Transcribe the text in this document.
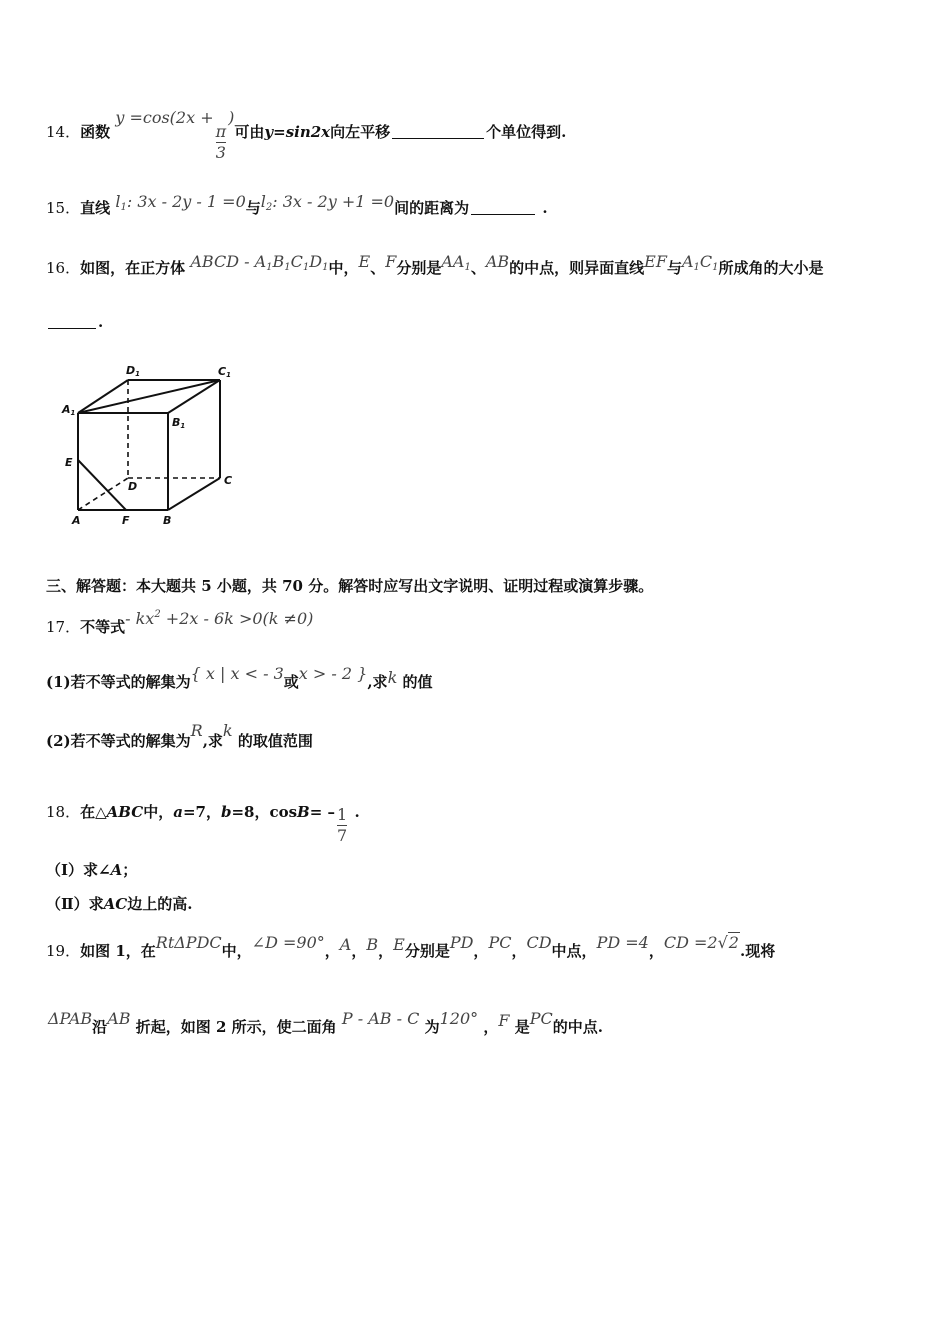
14．函数 y =cos(2x +
$\frac{\pi}{3}$
)可由y=sin2x向左平移	个单位得到.
15．直线 $l_1$: 3x - 2y - 1 =0与$l_2$: 3x - 2y +1 =0间的距离为	.
16．如图，在正方体 ABCD - $A_1B_1C_1D_1$中，E、F分别是$AA_1$、AB的中点，则异面直线EF与$A_1C_1$所成角的大小是
.
D1	C1
A1
B1
E
D	C
A	F	B
三、解答题：本大题共 5 小题，共 70 分。解答时应写出文字说明、证明过程或演算步骤。
17．不等式- $kx^2 +2x - 6k >0(k \ne 0)$
(1)若不等式的解集为{ x | x < - 3或x > - 2 },求k 的值
(2)若不等式的解集为R,求k 的取值范围
18．在△ABC中，a=7，b=8，$\cos B= - \frac{1}{7}$ .
（Ⅰ）求∠A；
（Ⅱ）求AC边上的高.
19．如图 1，在RtΔPDC中，∠D =90°，A，B，E分别是PD，PC，CD中点，PD =4，CD =2√2.现将
ΔPAB沿AB 折起，如图 2 所示，使二面角 P - AB - C 为120° ，F 是PC的中点.
